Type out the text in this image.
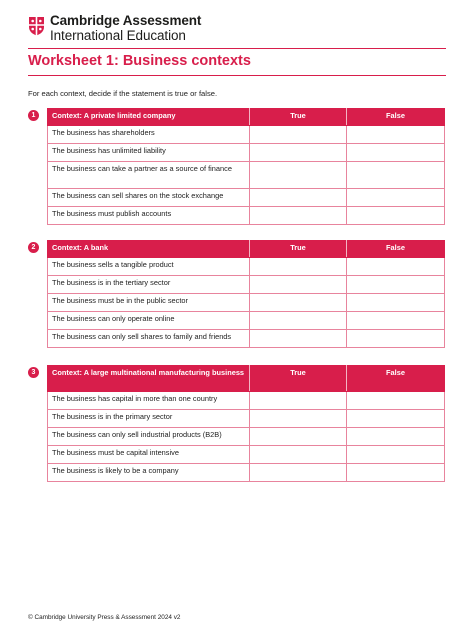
Cambridge Assessment
International Education
Worksheet 1: Business contexts
For each context, decide if the statement is true or false.
1	Context: A private limited company	True	False
The business has shareholders		
The business has unlimited liability		
The business can take a partner as a source of finance		
The business can sell shares on the stock exchange		
The business must publish accounts		
2	Context: A bank	True	False
The business sells a tangible product		
The business is in the tertiary sector		
The business must be in the public sector		
The business can only operate online		
The business can only sell shares to family and friends		
3	Context: A large multinational manufacturing business	True	False
The business has capital in more than one country		
The business is in the primary sector		
The business can only sell industrial products (B2B)		
The business must be capital intensive		
The business is likely to be a company		
© Cambridge University Press & Assessment 2024 v2
